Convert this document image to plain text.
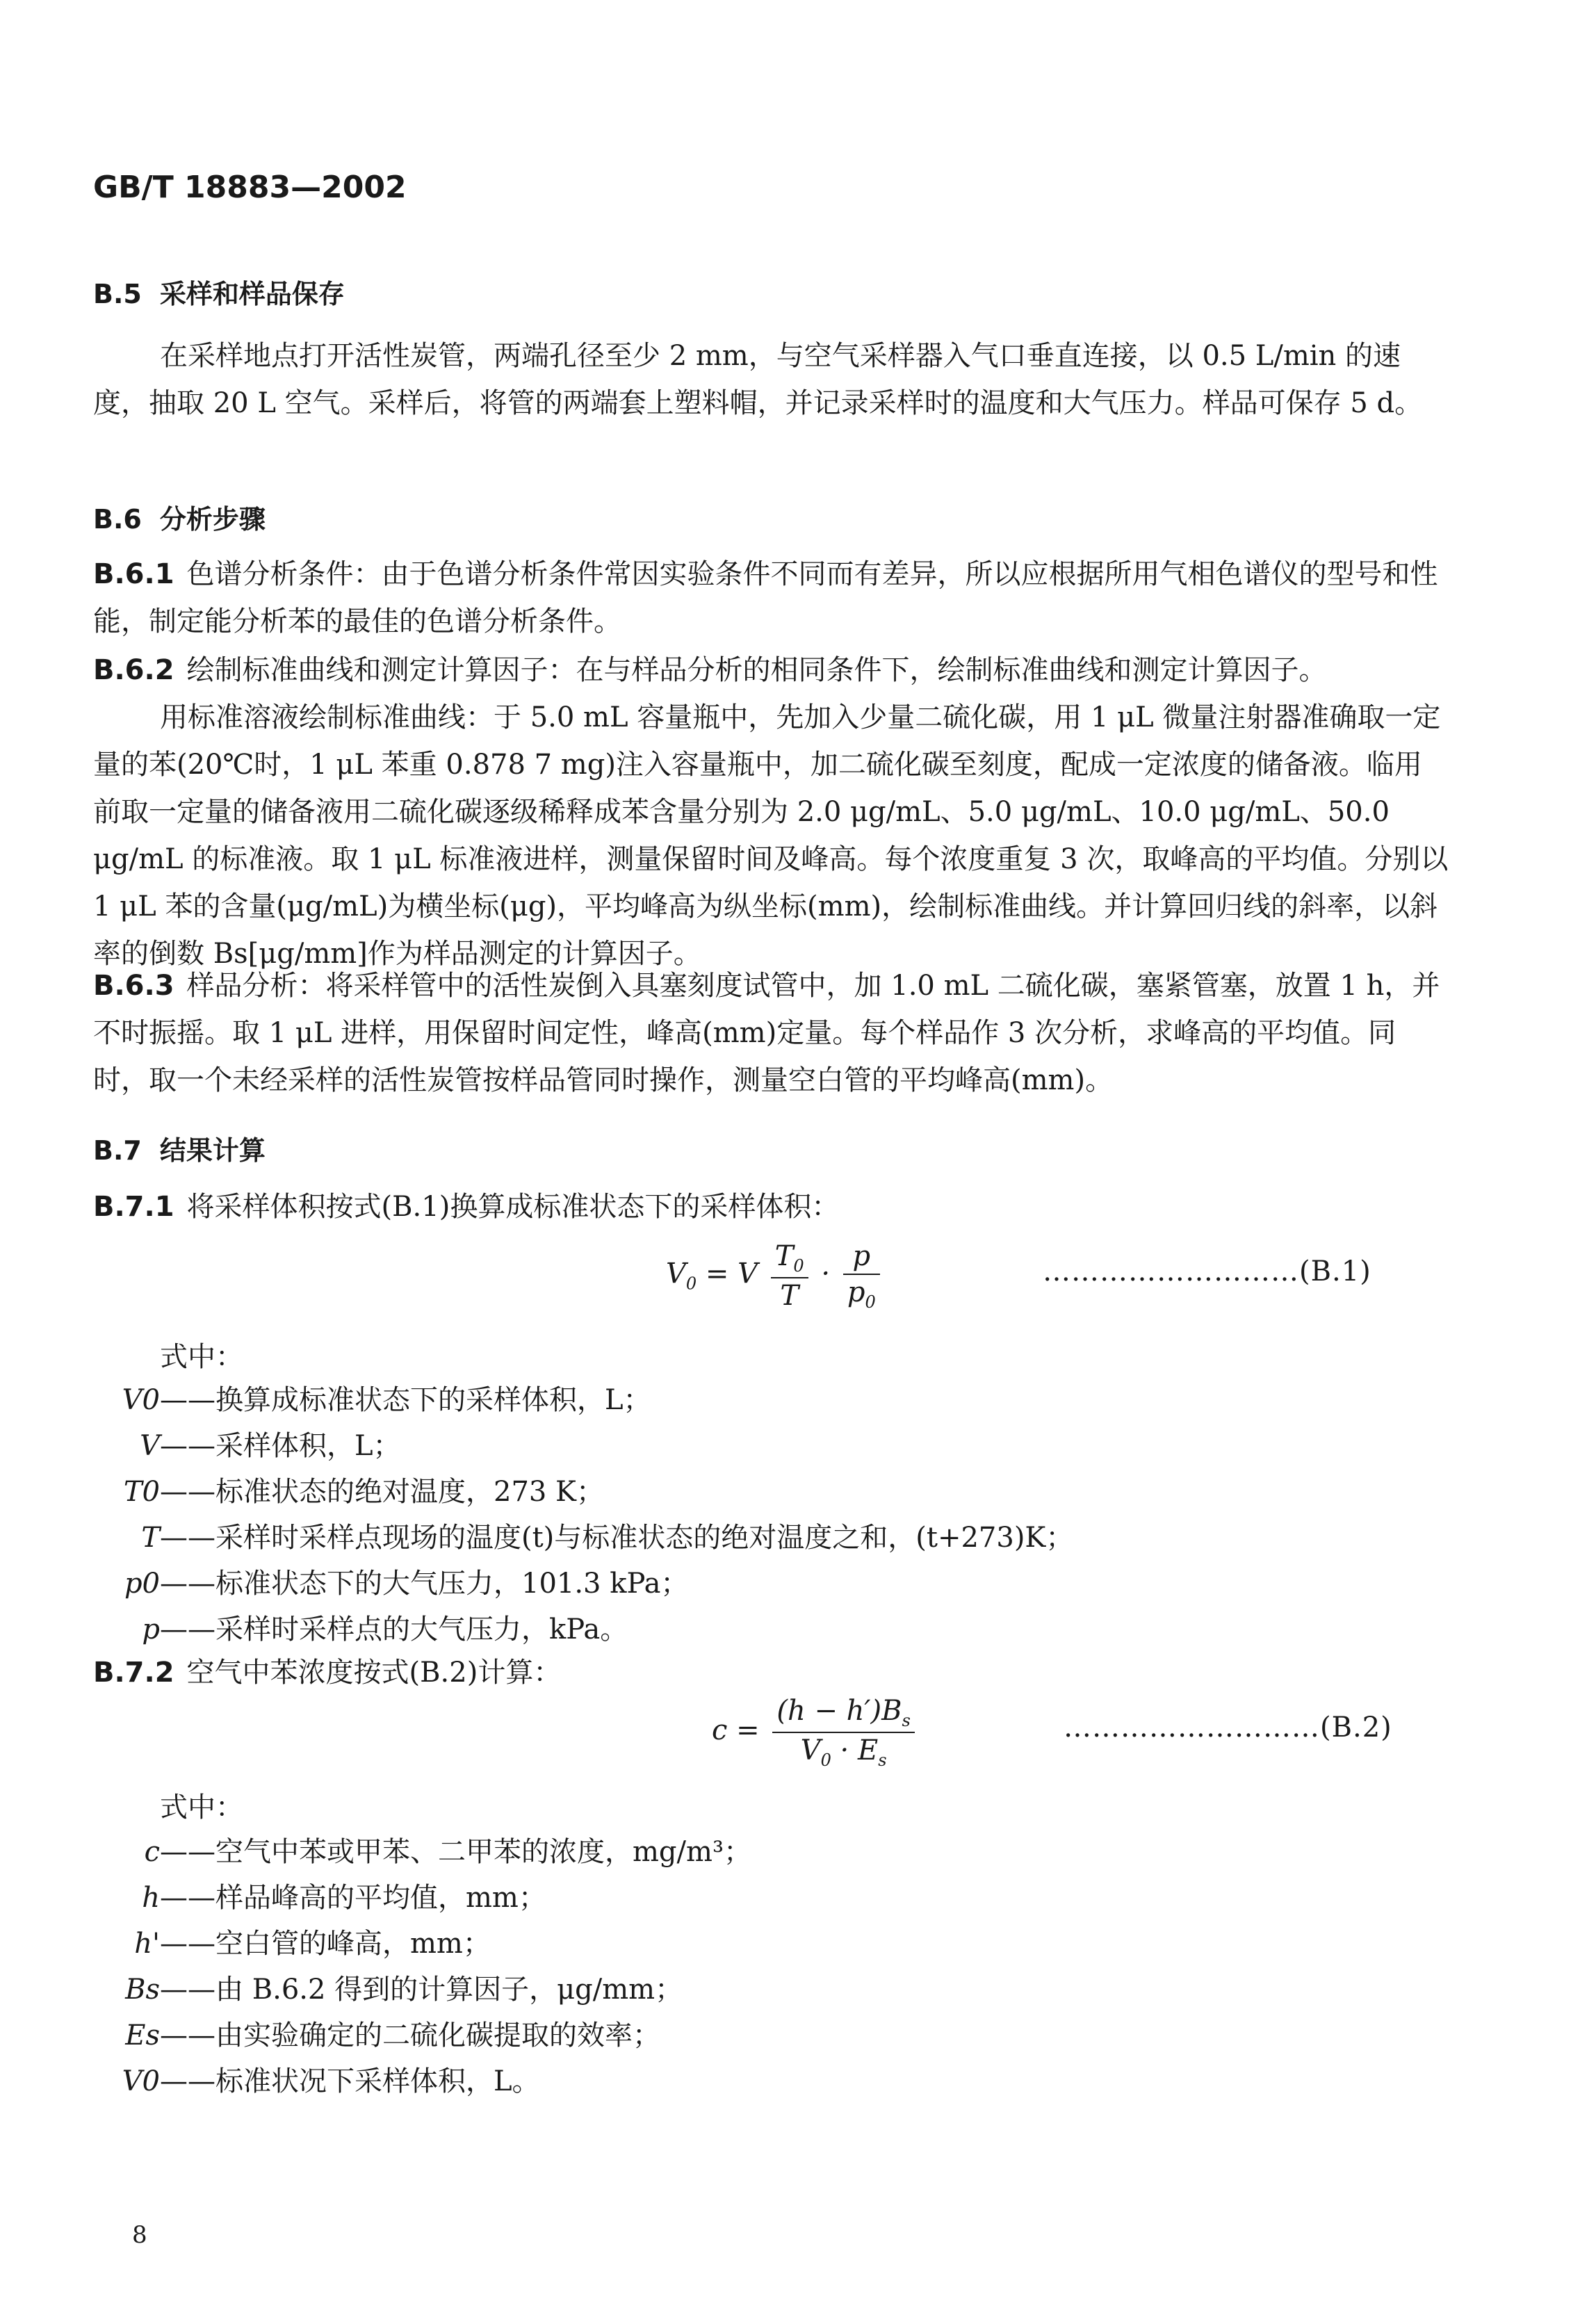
GB/T 18883—2002
B.5 采样和样品保存
在采样地点打开活性炭管，两端孔径至少 2 mm，与空气采样器入气口垂直连接，以 0.5 L/min 的速度，抽取 20 L 空气。采样后，将管的两端套上塑料帽，并记录采样时的温度和大气压力。样品可保存 5 d。
B.6 分析步骤
B.6.1 色谱分析条件：由于色谱分析条件常因实验条件不同而有差异，所以应根据所用气相色谱仪的型号和性能，制定能分析苯的最佳的色谱分析条件。
B.6.2 绘制标准曲线和测定计算因子：在与样品分析的相同条件下，绘制标准曲线和测定计算因子。
用标准溶液绘制标准曲线：于 5.0 mL 容量瓶中，先加入少量二硫化碳，用 1 μL 微量注射器准确取一定量的苯(20℃时，1 μL 苯重 0.878 7 mg)注入容量瓶中，加二硫化碳至刻度，配成一定浓度的储备液。临用前取一定量的储备液用二硫化碳逐级稀释成苯含量分别为 2.0 μg/mL、5.0 μg/mL、10.0 μg/mL、50.0 μg/mL 的标准液。取 1 μL 标准液进样，测量保留时间及峰高。每个浓度重复 3 次，取峰高的平均值。分别以 1 μL 苯的含量(μg/mL)为横坐标(μg)，平均峰高为纵坐标(mm)，绘制标准曲线。并计算回归线的斜率，以斜率的倒数 Bs[μg/mm]作为样品测定的计算因子。
B.6.3 样品分析：将采样管中的活性炭倒入具塞刻度试管中，加 1.0 mL 二硫化碳，塞紧管塞，放置 1 h，并不时振摇。取 1 μL 进样，用保留时间定性，峰高(mm)定量。每个样品作 3 次分析，求峰高的平均值。同时，取一个未经采样的活性炭管按样品管同时操作，测量空白管的平均峰高(mm)。
B.7 结果计算
B.7.1 将采样体积按式(B.1)换算成标准状态下的采样体积：
$V_0 = V \frac{T_0}{T} \cdot \frac{p}{p_0}$	………………………(B.1)
式中：
V0——换算成标准状态下的采样体积，L；
V——采样体积，L；
T0——标准状态的绝对温度，273 K；
T——采样时采样点现场的温度(t)与标准状态的绝对温度之和，(t+273)K；
p0——标准状态下的大气压力，101.3 kPa；
p——采样时采样点的大气压力，kPa。
B.7.2 空气中苯浓度按式(B.2)计算：
$c = \frac{(h - h')B_s}{V_0 \cdot E_s}$	………………………(B.2)
式中：
c——空气中苯或甲苯、二甲苯的浓度，mg/m³；
h——样品峰高的平均值，mm；
h'——空白管的峰高，mm；
Bs——由 B.6.2 得到的计算因子，μg/mm；
Es——由实验确定的二硫化碳提取的效率；
V0——标准状况下采样体积，L。
8
